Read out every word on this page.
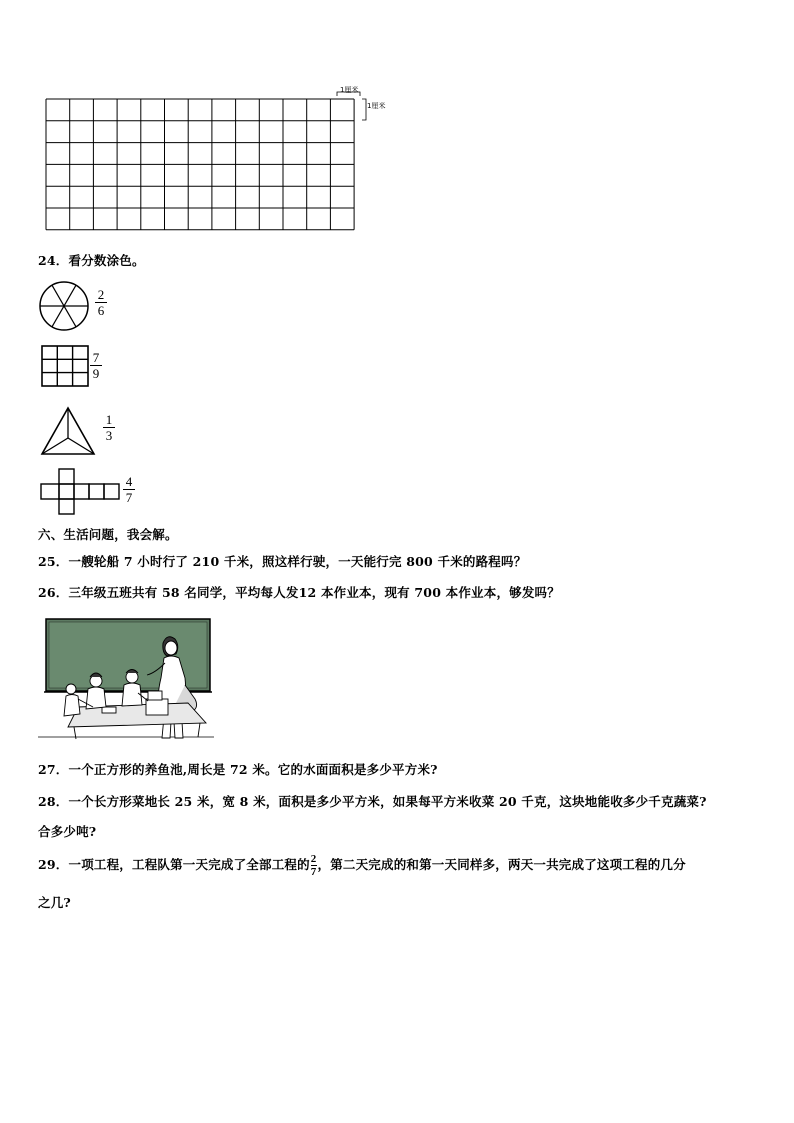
1厘米
1厘米
24．看分数涂色。
2
6
7
9
1
3
4
7
六、生活问题，我会解。
25．一艘轮船 7 小时行了 210 千米，照这样行驶，一天能行完 800 千米的路程吗？
26．三年级五班共有 58 名同学，平均每人发12 本作业本，现有 700 本作业本，够发吗？
27．一个正方形的养鱼池,周长是 72 米。它的水面面积是多少平方米?
28．一个长方形菜地长 25 米，宽 8 米，面积是多少平方米，如果每平方米收菜 20 千克，这块地能收多少千克蔬菜?
合多少吨?
29．一项工程，工程队第一天完成了全部工程的 $\frac{2}{7}$ ，第二天完成的和第一天同样多，两天一共完成了这项工程的几分
之几?
